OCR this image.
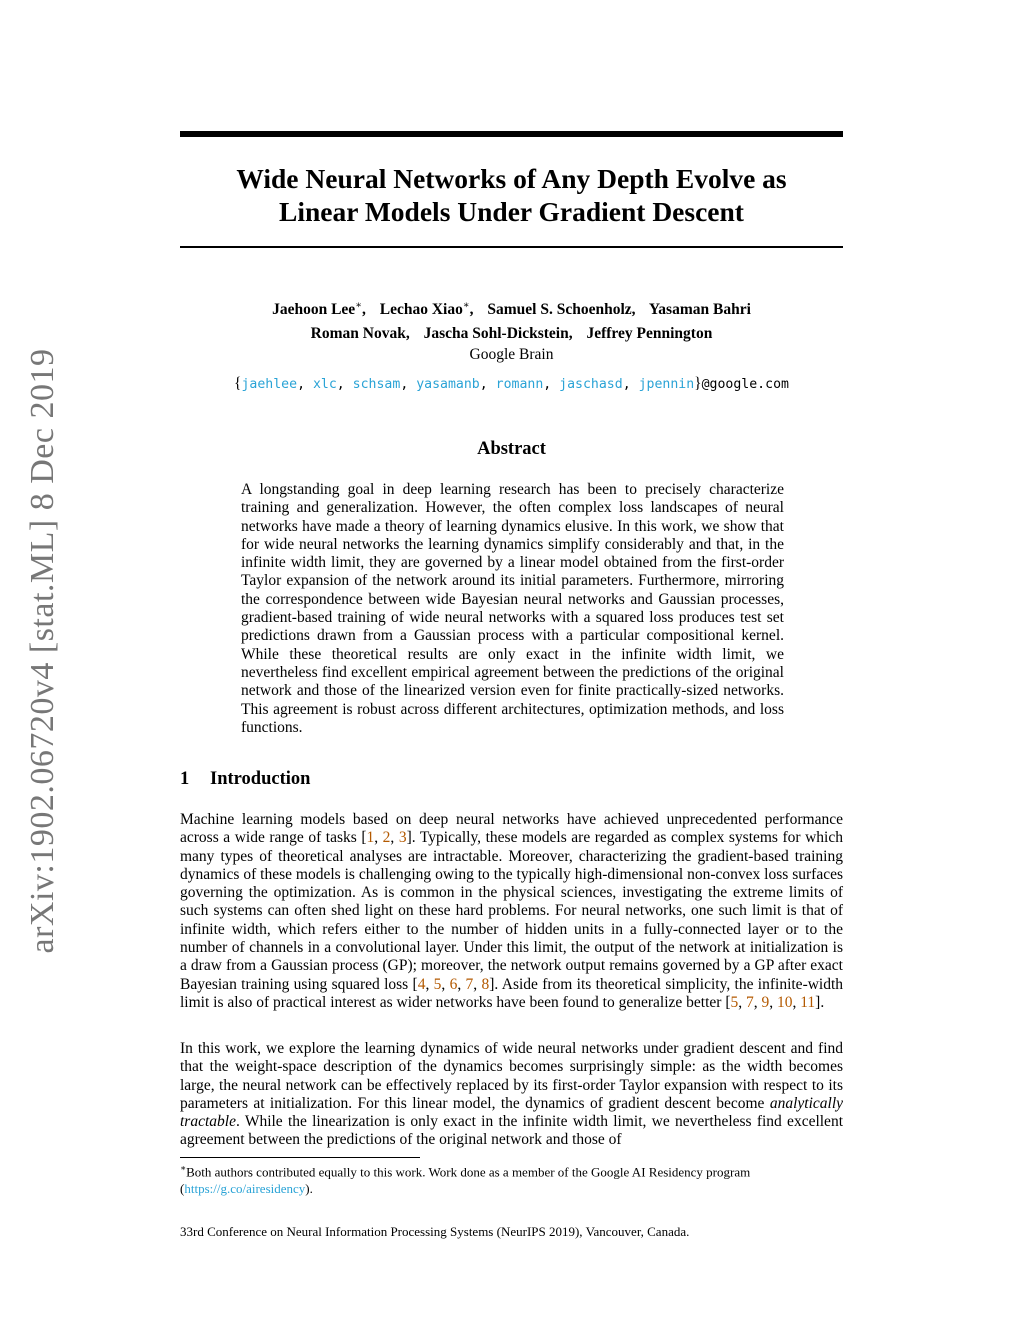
arXiv:1902.06720v4 [stat.ML] 8 Dec 2019
Wide Neural Networks of Any Depth Evolve as
Linear Models Under Gradient Descent
Jaehoon Lee∗, Lechao Xiao∗, Samuel S. Schoenholz, Yasaman Bahri
Roman Novak, Jascha Sohl-Dickstein, Jeffrey Pennington
Google Brain
{jaehlee, xlc, schsam, yasamanb, romann, jaschasd, jpennin}@google.com
Abstract
A longstanding goal in deep learning research has been to precisely characterize training and generalization. However, the often complex loss landscapes of neural networks have made a theory of learning dynamics elusive. In this work, we show that for wide neural networks the learning dynamics simplify considerably and that, in the infinite width limit, they are governed by a linear model obtained from the first-order Taylor expansion of the network around its initial parameters. Furthermore, mirroring the correspondence between wide Bayesian neural networks and Gaussian processes, gradient-based training of wide neural networks with a squared loss produces test set predictions drawn from a Gaussian process with a particular compositional kernel. While these theoretical results are only exact in the infinite width limit, we nevertheless find excellent empirical agreement between the predictions of the original network and those of the linearized version even for finite practically-sized networks. This agreement is robust across different architectures, optimization methods, and loss functions.
1 Introduction
Machine learning models based on deep neural networks have achieved unprecedented performance across a wide range of tasks [1, 2, 3]. Typically, these models are regarded as complex systems for which many types of theoretical analyses are intractable. Moreover, characterizing the gradient-based training dynamics of these models is challenging owing to the typically high-dimensional non-convex loss surfaces governing the optimization. As is common in the physical sciences, investigating the extreme limits of such systems can often shed light on these hard problems. For neural networks, one such limit is that of infinite width, which refers either to the number of hidden units in a fully-connected layer or to the number of channels in a convolutional layer. Under this limit, the output of the network at initialization is a draw from a Gaussian process (GP); moreover, the network output remains governed by a GP after exact Bayesian training using squared loss [4, 5, 6, 7, 8]. Aside from its theoretical simplicity, the infinite-width limit is also of practical interest as wider networks have been found to generalize better [5, 7, 9, 10, 11].
In this work, we explore the learning dynamics of wide neural networks under gradient descent and find that the weight-space description of the dynamics becomes surprisingly simple: as the width becomes large, the neural network can be effectively replaced by its first-order Taylor expansion with respect to its parameters at initialization. For this linear model, the dynamics of gradient descent become analytically tractable. While the linearization is only exact in the infinite width limit, we nevertheless find excellent agreement between the predictions of the original network and those of
∗Both authors contributed equally to this work. Work done as a member of the Google AI Residency program (https://g.co/airesidency).
33rd Conference on Neural Information Processing Systems (NeurIPS 2019), Vancouver, Canada.
